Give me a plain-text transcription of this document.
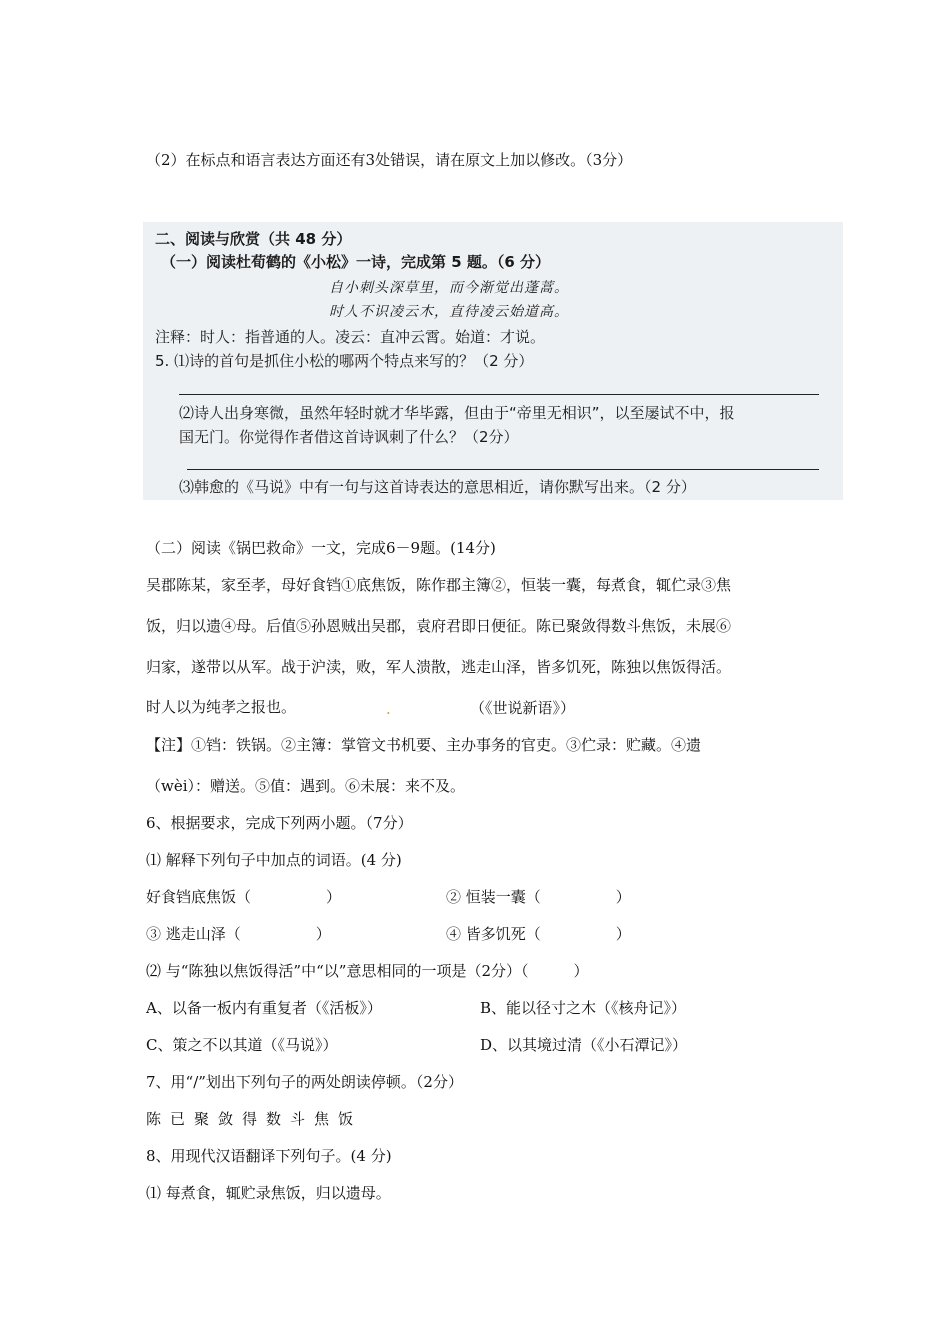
（2）在标点和语言表达方面还有3处错误，请在原文上加以修改。（3分）
二、阅读与欣赏（共 48 分）
（一）阅读杜荀鹤的《小松》一诗，完成第 5 题。（6 分）
自小刺头深草里，而今渐觉出蓬蒿。
时人不识凌云木，直待凌云始道高。
注释：时人：指普通的人。凌云：直冲云霄。始道：才说。
5. ⑴诗的首句是抓住小松的哪两个特点来写的？（2 分）
⑵诗人出身寒微，虽然年轻时就才华毕露，但由于“帝里无相识”，以至屡试不中，报
国无门。你觉得作者借这首诗讽刺了什么？（2分）
⑶韩愈的《马说》中有一句与这首诗表达的意思相近，请你默写出来。（2 分）
（二）阅读《锅巴救命》一文，完成6－9题。(14分)
吴郡陈某，家至孝，母好食铛①底焦饭，陈作郡主簿②，恒装一囊，每煮食，辄伫录③焦
饭，归以遗④母。后值⑤孙恩贼出吴郡，袁府君即日便征。陈已聚敛得数斗焦饭，未展⑥
归家，遂带以从军。战于沪渎，败，军人溃散，逃走山泽，皆多饥死，陈独以焦饭得活。
时人以为纯孝之报也。	.	（《世说新语》）
【注】①铛：铁锅。②主簿：掌管文书机要、主办事务的官吏。③伫录：贮藏。④遗
（wèi）：赠送。⑤值：遇到。⑥未展：来不及。
6、根据要求，完成下列两小题。（7分）
⑴ 解释下列句子中加点的词语。(4 分)
好食铛底焦饭（　　　　　）	② 恒装一囊（　　　　　）
③ 逃走山泽（　　　　　）	④ 皆多饥死（　　　　　）
⑵ 与“陈独以焦饭得活”中“以”意思相同的一项是（2分）（　　　）
A、以备一板内有重复者（《活板》）	B、能以径寸之木（《核舟记》）
C、策之不以其道（《马说》）	D、以其境过清（《小石潭记》）
7、用“/”划出下列句子的两处朗读停顿。（2分）
陈已聚敛得数斗焦饭
8、用现代汉语翻译下列句子。(4 分)
⑴ 每煮食，辄贮录焦饭，归以遗母。
